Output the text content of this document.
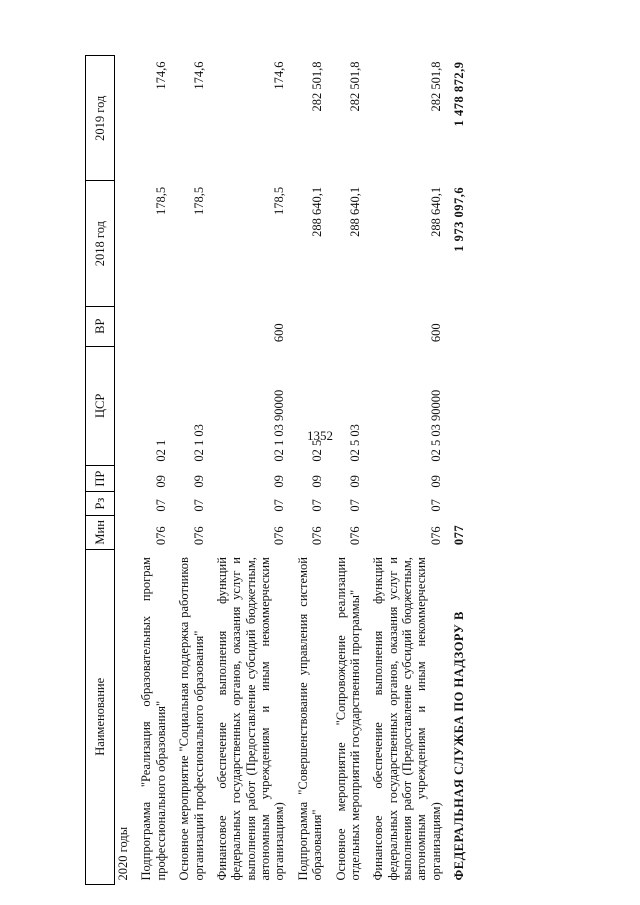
1352
Наименование	Мин	Рз	ПР	ЦСР	ВР	2018 год	2019 год
2020 годы							
Подпрограмма "Реализация образовательных програм профессионального образования"	076	07	09	02 1		178,5	174,6
Основное мероприятие "Социальная поддержка работников организаций профессионального образования"	076	07	09	02 1 03		178,5	174,6
Финансовое обеспечение выполнения функций федеральных государственных органов, оказания услуг и выполнения работ (Предоставление субсидий бюджетным, автономным учреждениям и иным некоммерческим организациям)	076	07	09	02 1 03 90000	600	178,5	174,6
Подпрограмма "Совершенствование управления системой образования"	076	07	09	02 5		288 640,1	282 501,8
Основное мероприятие "Сопровождение реализации отдельных мероприятий государственной программы"	076	07	09	02 5 03		288 640,1	282 501,8
Финансовое обеспечение выполнения функций федеральных государственных органов, оказания услуг и выполнения работ (Предоставление субсидий бюджетным, автономным учреждениям и иным некоммерческим организациям)	076	07	09	02 5 03 90000	600	288 640,1	282 501,8
ФЕДЕРАЛЬНАЯ СЛУЖБА ПО НАДЗОРУ В	077					1 973 097,6	1 478 872,9
